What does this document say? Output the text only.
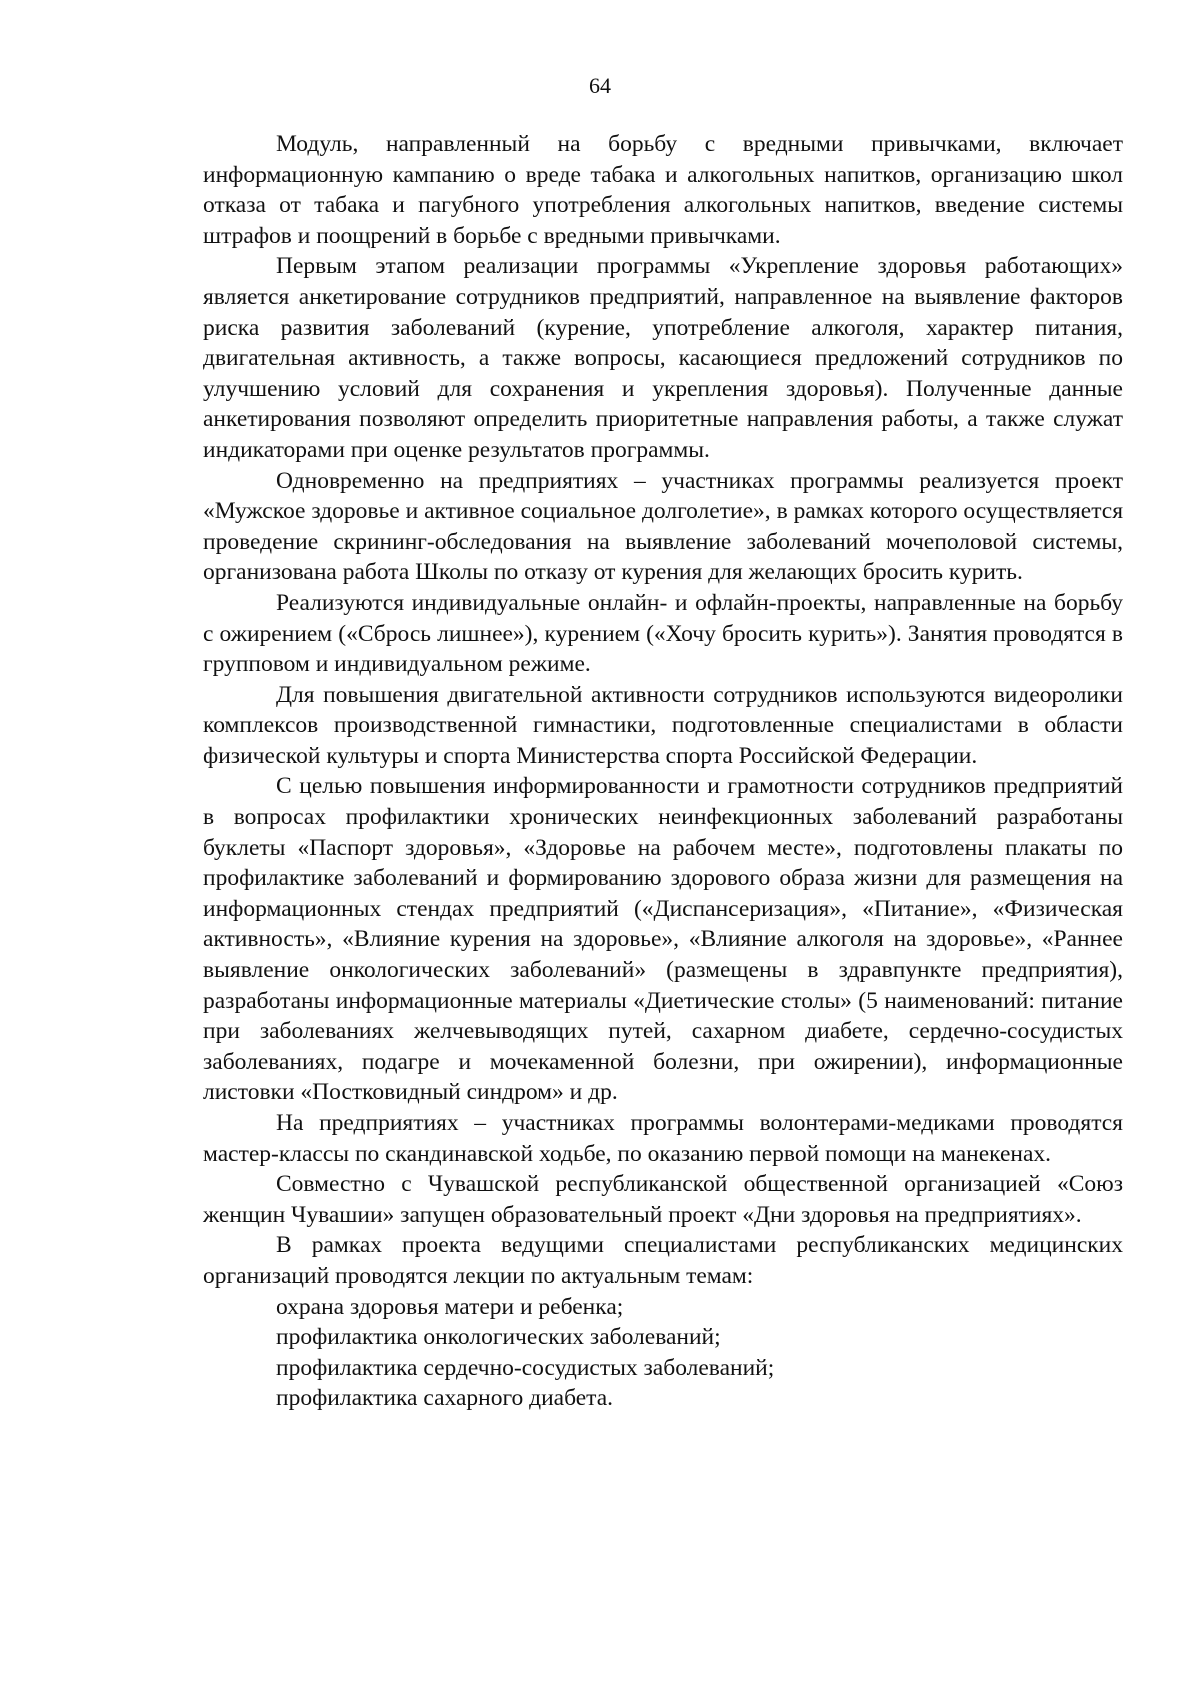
64

Модуль, направленный на борьбу с вредными привычками, включает информационную кампанию о вреде табака и алкогольных напитков, организацию школ отказа от табака и пагубного употребления алкогольных напитков, введение системы штрафов и поощрений в борьбе с вредными привычками.

Первым этапом реализации программы «Укрепление здоровья работающих» является анкетирование сотрудников предприятий, направленное на выявление факторов риска развития заболеваний (курение, употребление алкоголя, характер питания, двигательная активность, а также вопросы, касающиеся предложений сотрудников по улучшению условий для сохранения и укрепления здоровья). Полученные данные анкетирования позволяют определить приоритетные направления работы, а также служат индикаторами при оценке результатов программы.

Одновременно на предприятиях – участниках программы реализуется проект «Мужское здоровье и активное социальное долголетие», в рамках которого осуществляется проведение скрининг-обследования на выявление заболеваний мочеполовой системы, организована работа Школы по отказу от курения для желающих бросить курить.

Реализуются индивидуальные онлайн- и офлайн-проекты, направленные на борьбу с ожирением («Сбрось лишнее»), курением («Хочу бросить курить»). Занятия проводятся в групповом и индивидуальном режиме.

Для повышения двигательной активности сотрудников используются видеоролики комплексов производственной гимнастики, подготовленные специалистами в области физической культуры и спорта Министерства спорта Российской Федерации.

С целью повышения информированности и грамотности сотрудников предприятий в вопросах профилактики хронических неинфекционных заболеваний разработаны буклеты «Паспорт здоровья», «Здоровье на рабочем месте», подготовлены плакаты по профилактике заболеваний и формированию здорового образа жизни для размещения на информационных стендах предприятий («Диспансеризация», «Питание», «Физическая активность», «Влияние курения на здоровье», «Влияние алкоголя на здоровье», «Раннее выявление онкологических заболеваний» (размещены в здравпункте предприятия), разработаны информационные материалы «Диетические столы» (5 наименований: питание при заболеваниях желчевыводящих путей, сахарном диабете, сердечно-сосудистых заболеваниях, подагре и мочекаменной болезни, при ожирении), информационные листовки «Постковидный синдром» и др.

На предприятиях – участниках программы волонтерами-медиками проводятся мастер-классы по скандинавской ходьбе, по оказанию первой помощи на манекенах.

Совместно с Чувашской республиканской общественной организацией «Союз женщин Чувашии» запущен образовательный проект «Дни здоровья на предприятиях».

В рамках проекта ведущими специалистами республиканских медицинских организаций проводятся лекции по актуальным темам:

охрана здоровья матери и ребенка;
профилактика онкологических заболеваний;
профилактика сердечно-сосудистых заболеваний;
профилактика сахарного диабета.
